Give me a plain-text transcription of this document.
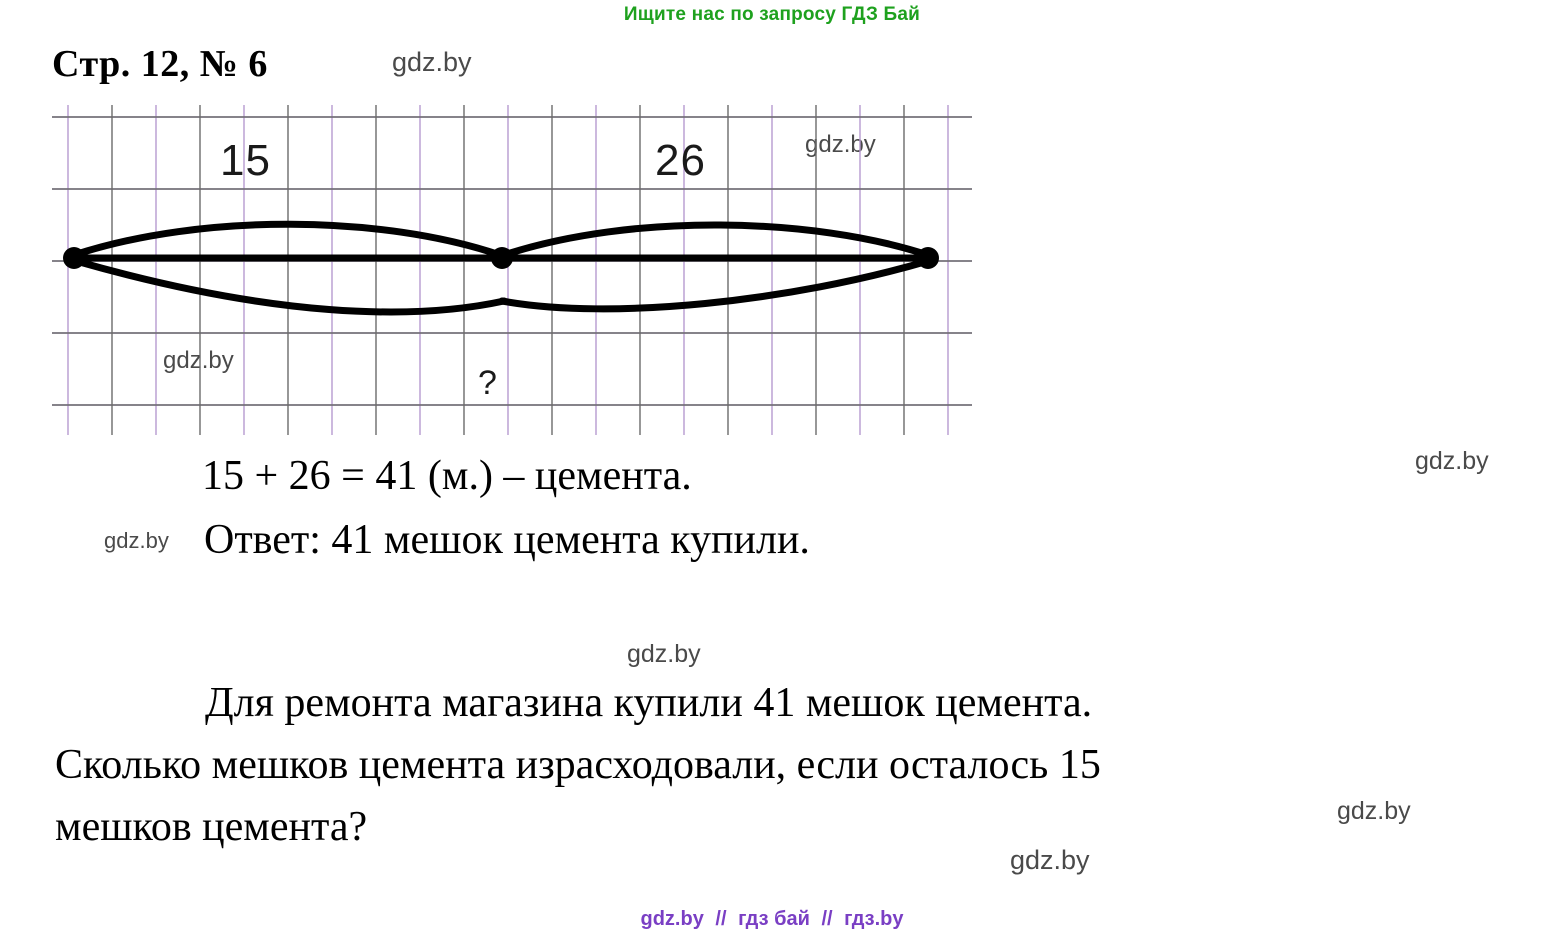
Ищите нас по запросу ГДЗ Бай
Стр. 12, № 6	gdz.by
gdz.by
gdz.by
gdz.by
gdz.by
gdz.by
gdz.by
gdz.by
15	26
?
15 + 26 = 41 (м.) – цемента.
Ответ: 41 мешок цемента купили.
Для ремонта магазина купили 41 мешок цемента.
Сколько мешков цемента израсходовали, если осталось 15
мешков цемента?
gdz.by // гдз бай // гдз.by
